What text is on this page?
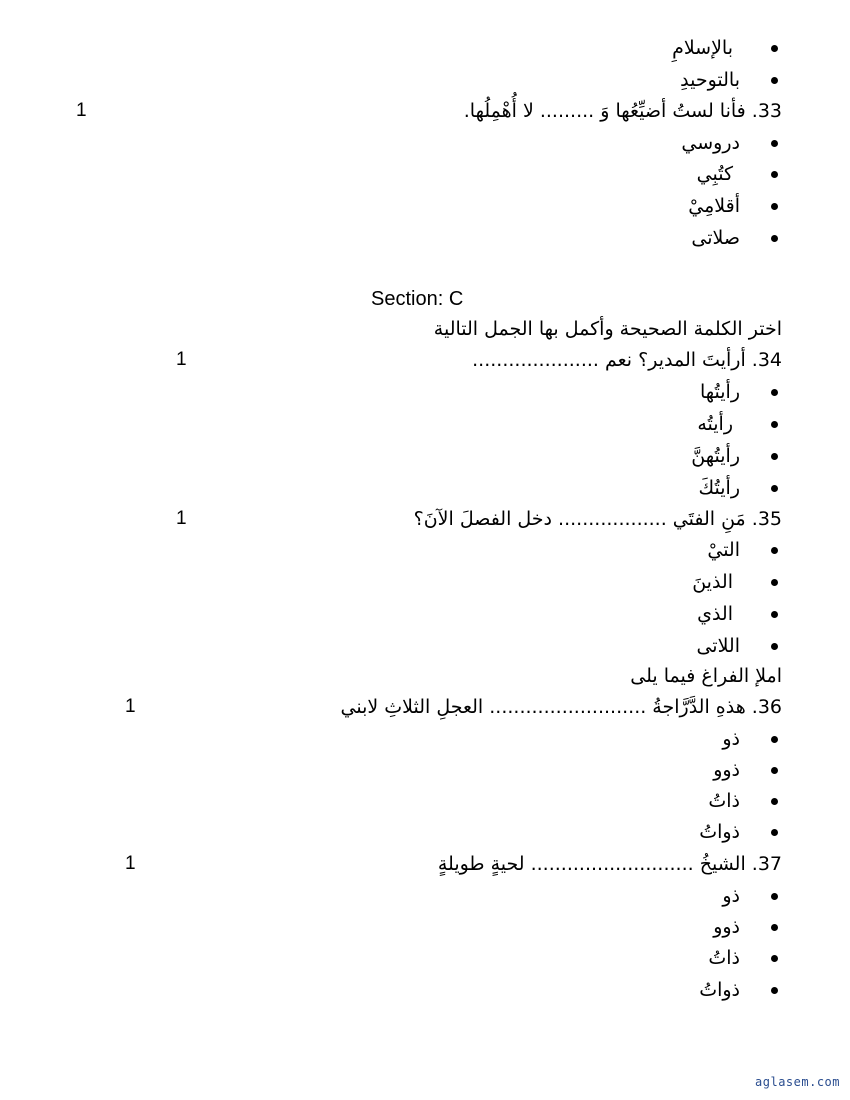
بالإسلامِ
بالتوحيدِ
33. فأنا لستُ أضيِّعُها وَ ......... لا أُهْمِلُها.
1
دروسي
كتُبِي
أقلامِيْ
صلاتی
Section: C
اختر الكلمة الصحيحة وأكمل بها الجمل التالية
34. أرأيتَ المدير؟ نعم .....................
1
رأيتُها
رأيتُه
رأيتُهنَّ
رأيتُكَ
35. مَنِ الفتَي .................. دخل الفصلَ الآنَ؟
1
التيْ
الذينَ
الذي
اللاتی
املإ الفراغ فيما يلی
36. هذهِ الدَّرَّاجةُ .......................... العجلِ الثلاثِ لابني
1
ذو
ذوو
ذاتُ
ذواتُ
37. الشيخُ ........................... لحيةٍ طويلةٍ
1
ذو
ذوو
ذاتُ
ذواتُ
aglasem.com
